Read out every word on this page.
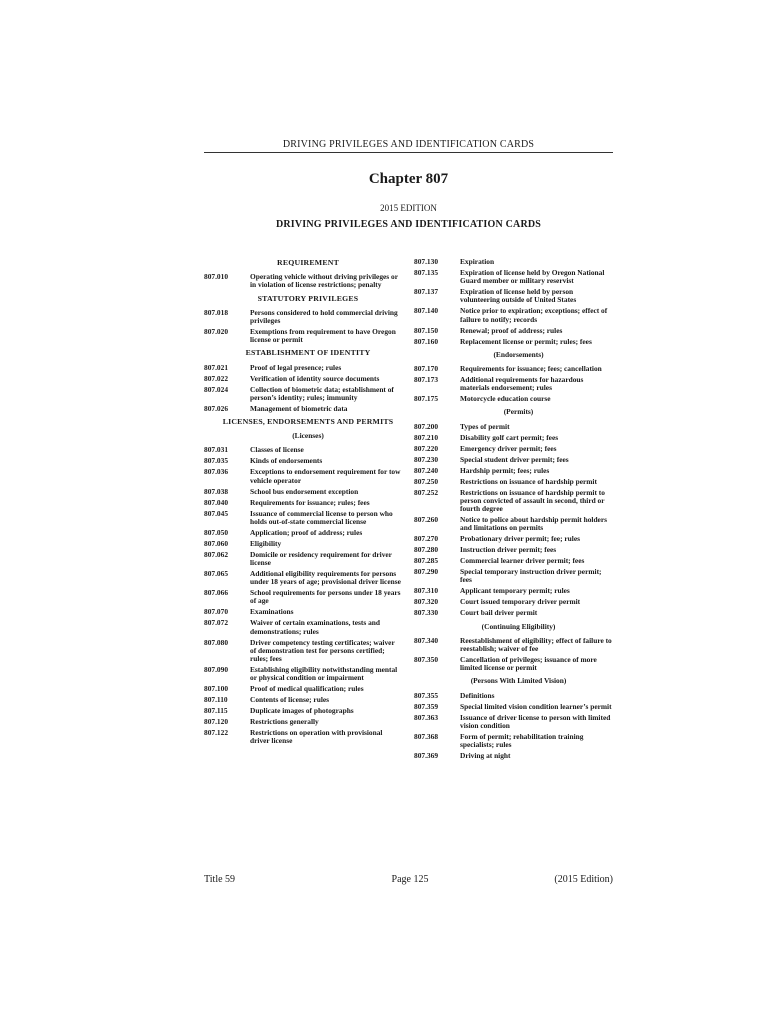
DRIVING PRIVILEGES AND IDENTIFICATION CARDS
Chapter 807
2015 EDITION
DRIVING PRIVILEGES AND IDENTIFICATION CARDS
REQUIREMENT
807.010	Operating vehicle without driving privileges or in violation of license restrictions; penalty
STATUTORY PRIVILEGES
807.018	Persons considered to hold commercial driving privileges
807.020	Exemptions from requirement to have Oregon license or permit
ESTABLISHMENT OF IDENTITY
807.021	Proof of legal presence; rules
807.022	Verification of identity source documents
807.024	Collection of biometric data; establishment of person’s identity; rules; immunity
807.026	Management of biometric data
LICENSES, ENDORSEMENTS AND PERMITS
(Licenses)
807.031	Classes of license
807.035	Kinds of endorsements
807.036	Exceptions to endorsement requirement for tow vehicle operator
807.038	School bus endorsement exception
807.040	Requirements for issuance; rules; fees
807.045	Issuance of commercial license to person who holds out-of-state commercial license
807.050	Application; proof of address; rules
807.060	Eligibility
807.062	Domicile or residency requirement for driver license
807.065	Additional eligibility requirements for persons under 18 years of age; provisional driver license
807.066	School requirements for persons under 18 years of age
807.070	Examinations
807.072	Waiver of certain examinations, tests and demonstrations; rules
807.080	Driver competency testing certificates; waiver of demonstration test for persons certified; rules; fees
807.090	Establishing eligibility notwithstanding mental or physical condition or impairment
807.100	Proof of medical qualification; rules
807.110	Contents of license; rules
807.115	Duplicate images of photographs
807.120	Restrictions generally
807.122	Restrictions on operation with provisional driver license
807.130	Expiration
807.135	Expiration of license held by Oregon National Guard member or military reservist
807.137	Expiration of license held by person volunteering outside of United States
807.140	Notice prior to expiration; exceptions; effect of failure to notify; records
807.150	Renewal; proof of address; rules
807.160	Replacement license or permit; rules; fees
(Endorsements)
807.170	Requirements for issuance; fees; cancellation
807.173	Additional requirements for hazardous materials endorsement; rules
807.175	Motorcycle education course
(Permits)
807.200	Types of permit
807.210	Disability golf cart permit; fees
807.220	Emergency driver permit; fees
807.230	Special student driver permit; fees
807.240	Hardship permit; fees; rules
807.250	Restrictions on issuance of hardship permit
807.252	Restrictions on issuance of hardship permit to person convicted of assault in second, third or fourth degree
807.260	Notice to police about hardship permit holders and limitations on permits
807.270	Probationary driver permit; fee; rules
807.280	Instruction driver permit; fees
807.285	Commercial learner driver permit; fees
807.290	Special temporary instruction driver permit; fees
807.310	Applicant temporary permit; rules
807.320	Court issued temporary driver permit
807.330	Court bail driver permit
(Continuing Eligibility)
807.340	Reestablishment of eligibility; effect of failure to reestablish; waiver of fee
807.350	Cancellation of privileges; issuance of more limited license or permit
(Persons With Limited Vision)
807.355	Definitions
807.359	Special limited vision condition learner’s permit
807.363	Issuance of driver license to person with limited vision condition
807.368	Form of permit; rehabilitation training specialists; rules
807.369	Driving at night
Title 59	Page 125	(2015 Edition)
